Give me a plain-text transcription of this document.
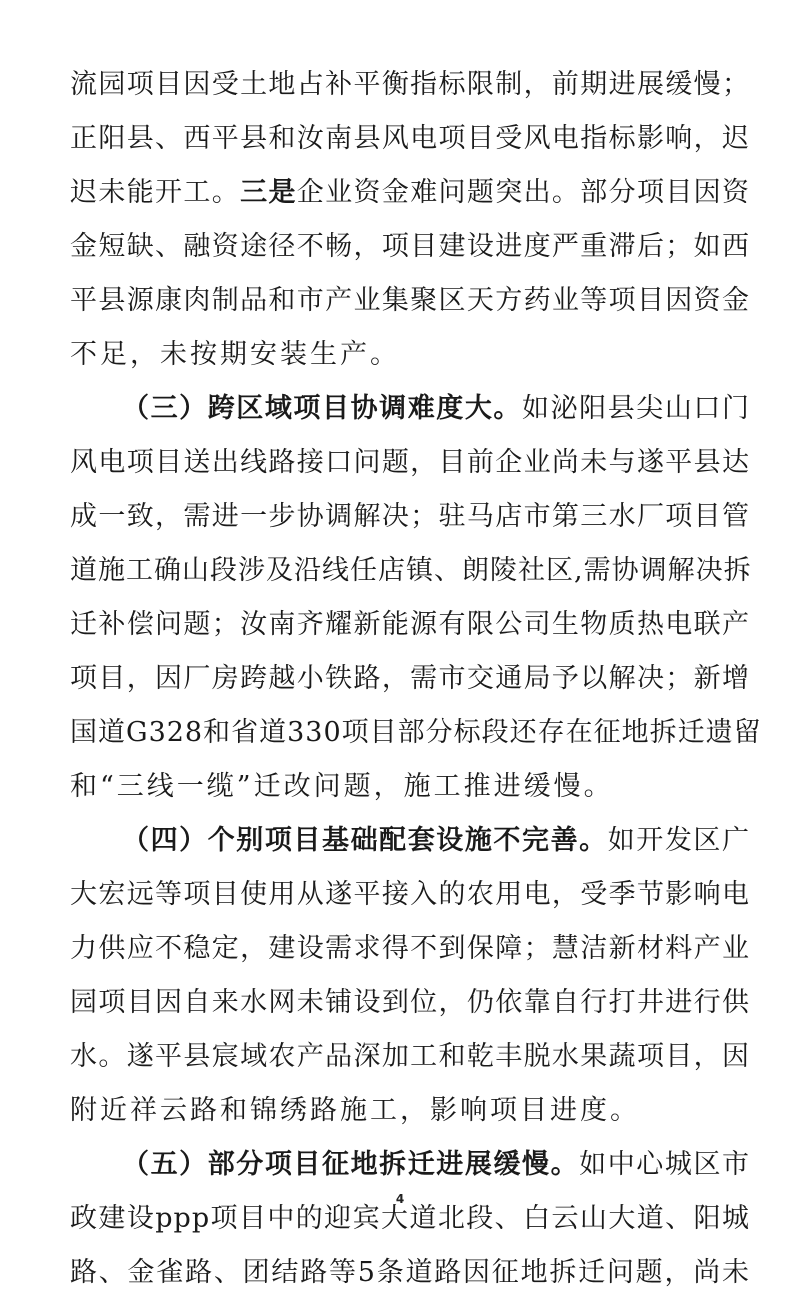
流园项目因受土地占补平衡指标限制，前期进展缓慢；
正阳县、西平县和汝南县风电项目受风电指标影响，迟
迟未能开工。三是企业资金难问题突出。部分项目因资
金短缺、融资途径不畅，项目建设进度严重滞后；如西
平县源康肉制品和市产业集聚区天方药业等项目因资金
不足，未按期安装生产。
（三）跨区域项目协调难度大。如泌阳县尖山口门
风电项目送出线路接口问题，目前企业尚未与遂平县达
成一致，需进一步协调解决；驻马店市第三水厂项目管
道施工确山段涉及沿线任店镇、朗陵社区,需协调解决拆
迁补偿问题；汝南齐耀新能源有限公司生物质热电联产
项目，因厂房跨越小铁路，需市交通局予以解决；新增
国道G328和省道330项目部分标段还存在征地拆迁遗留
和“三线一缆”迁改问题，施工推进缓慢。
（四）个别项目基础配套设施不完善。如开发区广
大宏远等项目使用从遂平接入的农用电，受季节影响电
力供应不稳定，建设需求得不到保障；慧洁新材料产业
园项目因自来水网未铺设到位，仍依靠自行打井进行供
水。遂平县宸域农产品深加工和乾丰脱水果蔬项目，因
附近祥云路和锦绣路施工，影响项目进度。
（五）部分项目征地拆迁进展缓慢。如中心城区市
政建设ppp项目中的迎宾大道北段、白云山大道、阳城
路、金雀路、团结路等5条道路因征地拆迁问题，尚未
4
